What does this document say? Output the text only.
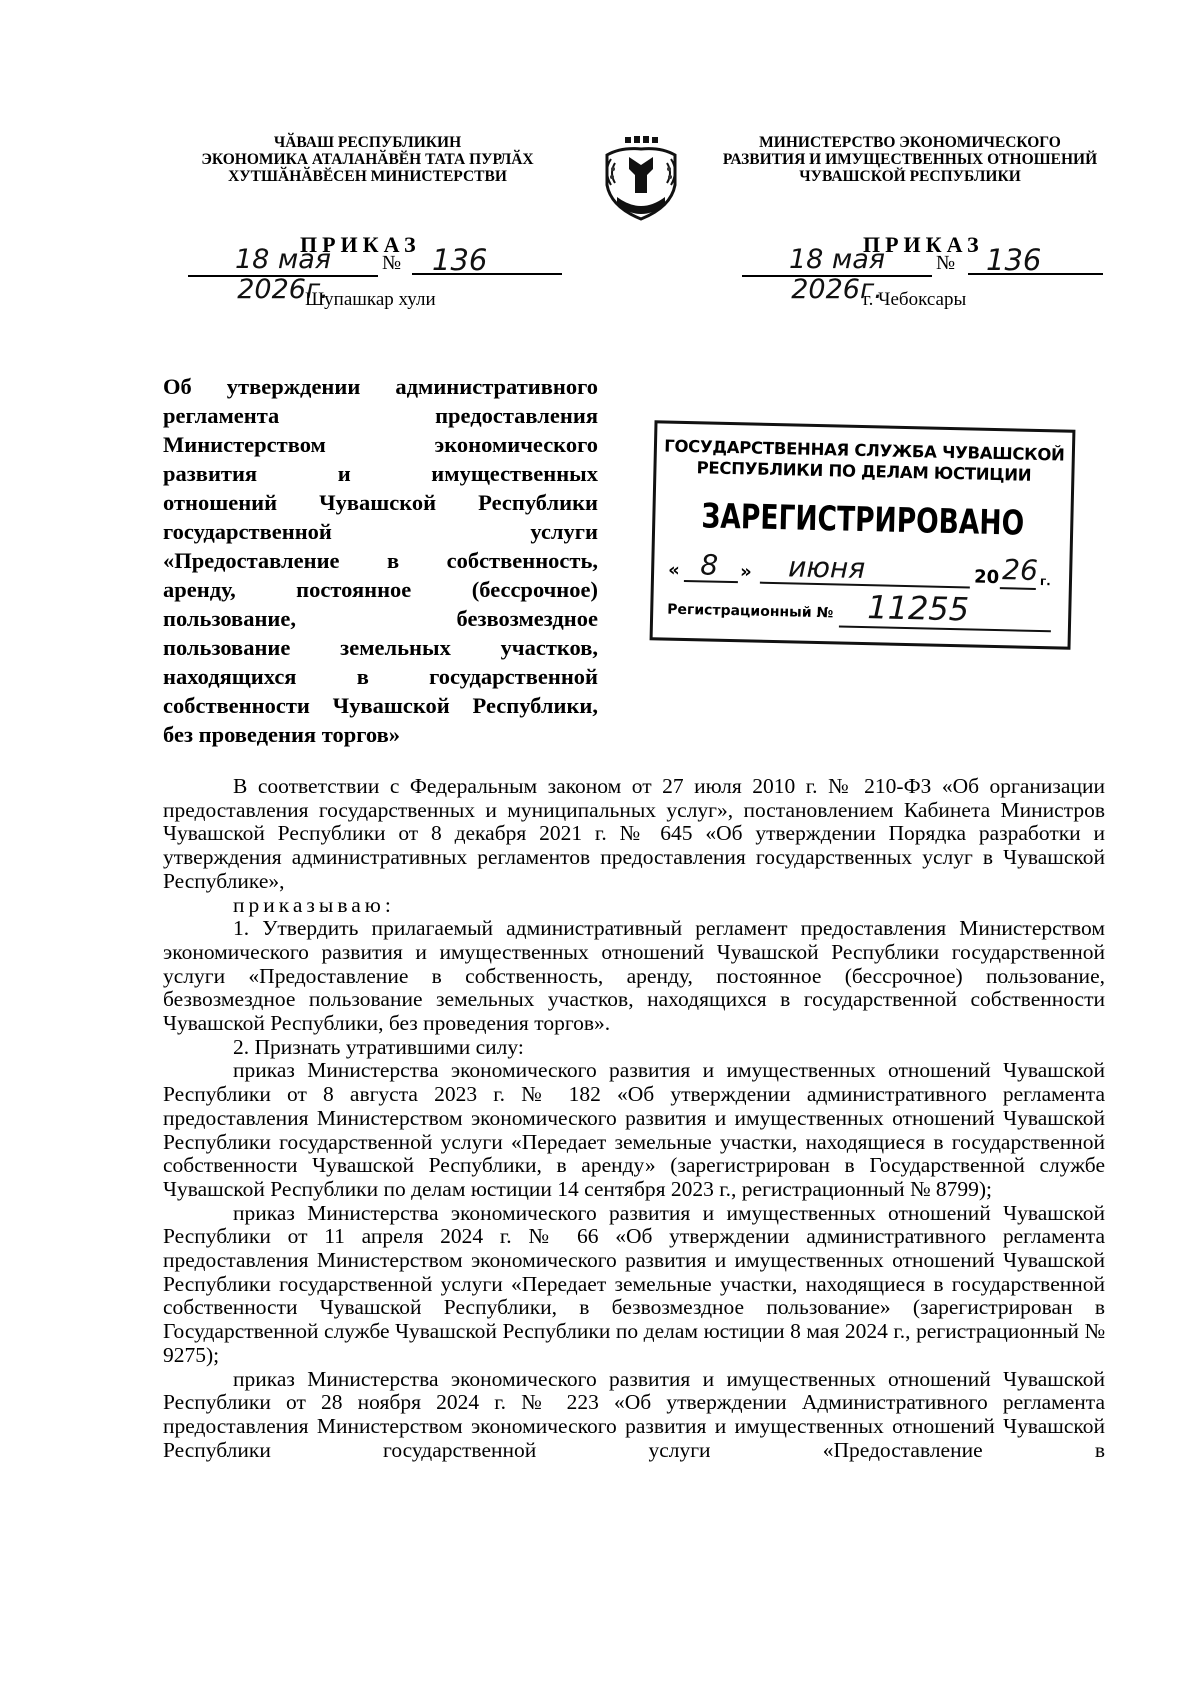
ЧӐВАШ РЕСПУБЛИКИН
ЭКОНОМИКА АТАЛАНӐВӖН ТАТА ПУРЛӐХ
ХУТШӐНӐВӖСЕН МИНИСТЕРСТВИ
МИНИСТЕРСТВО ЭКОНОМИЧЕСКОГО
РАЗВИТИЯ И ИМУЩЕСТВЕННЫХ ОТНОШЕНИЙ
ЧУВАШСКОЙ РЕСПУБЛИКИ
ПРИКАЗ
18 мая 2026г.
№	136
Шупашкар хули
ПРИКАЗ
18 мая 2026г.
№	136
г. Чебоксары
Об утверждении административного
регламента предоставления
Министерством экономического
развития и имущественных
отношений Чувашской Республики
государственной услуги
«Предоставление в собственность,
аренду, постоянное (бессрочное)
пользование, безвозмездное
пользование земельных участков,
находящихся в государственной
собственности Чувашской Республики,
без проведения торгов»
ГОСУДАРСТВЕННАЯ СЛУЖБА ЧУВАШСКОЙ
РЕСПУБЛИКИ ПО ДЕЛАМ ЮСТИЦИИ
ЗАРЕГИСТРИРОВАНО
« 8 » июня	20 26 г.
Регистрационный № 11255

В соответствии с Федеральным законом от 27 июля 2010 г. № 210-ФЗ «Об организации предоставления государственных и муниципальных услуг», постановлением Кабинета Министров Чувашской Республики от 8 декабря 2021 г. № 645 «Об утверждении Порядка разработки и утверждения административных регламентов предоставления государственных услуг в Чувашской Республике»,

приказываю:

1. Утвердить прилагаемый административный регламент предоставления Министерством экономического развития и имущественных отношений Чувашской Республики государственной услуги «Предоставление в собственность, аренду, постоянное (бессрочное) пользование, безвозмездное пользование земельных участков, находящихся в государственной собственности Чувашской Республики, без проведения торгов».

2. Признать утратившими силу:

приказ Министерства экономического развития и имущественных отношений Чувашской Республики от 8 августа 2023 г. № 182 «Об утверждении административного регламента предоставления Министерством экономического развития и имущественных отношений Чувашской Республики государственной услуги «Передает земельные участки, находящиеся в государственной собственности Чувашской Республики, в аренду» (зарегистрирован в Государственной службе Чувашской Республики по делам юстиции 14 сентября 2023 г., регистрационный № 8799);

приказ Министерства экономического развития и имущественных отношений Чувашской Республики от 11 апреля 2024 г. № 66 «Об утверждении административного регламента предоставления Министерством экономического развития и имущественных отношений Чувашской Республики государственной услуги «Передает земельные участки, находящиеся в государственной собственности Чувашской Республики, в безвозмездное пользование» (зарегистрирован в Государственной службе Чувашской Республики по делам юстиции 8 мая 2024 г., регистрационный № 9275);

приказ Министерства экономического развития и имущественных отношений Чувашской Республики от 28 ноября 2024 г. № 223 «Об утверждении Административного регламента предоставления Министерством экономического развития и имущественных отношений Чувашской Республики государственной услуги «Предоставление в
